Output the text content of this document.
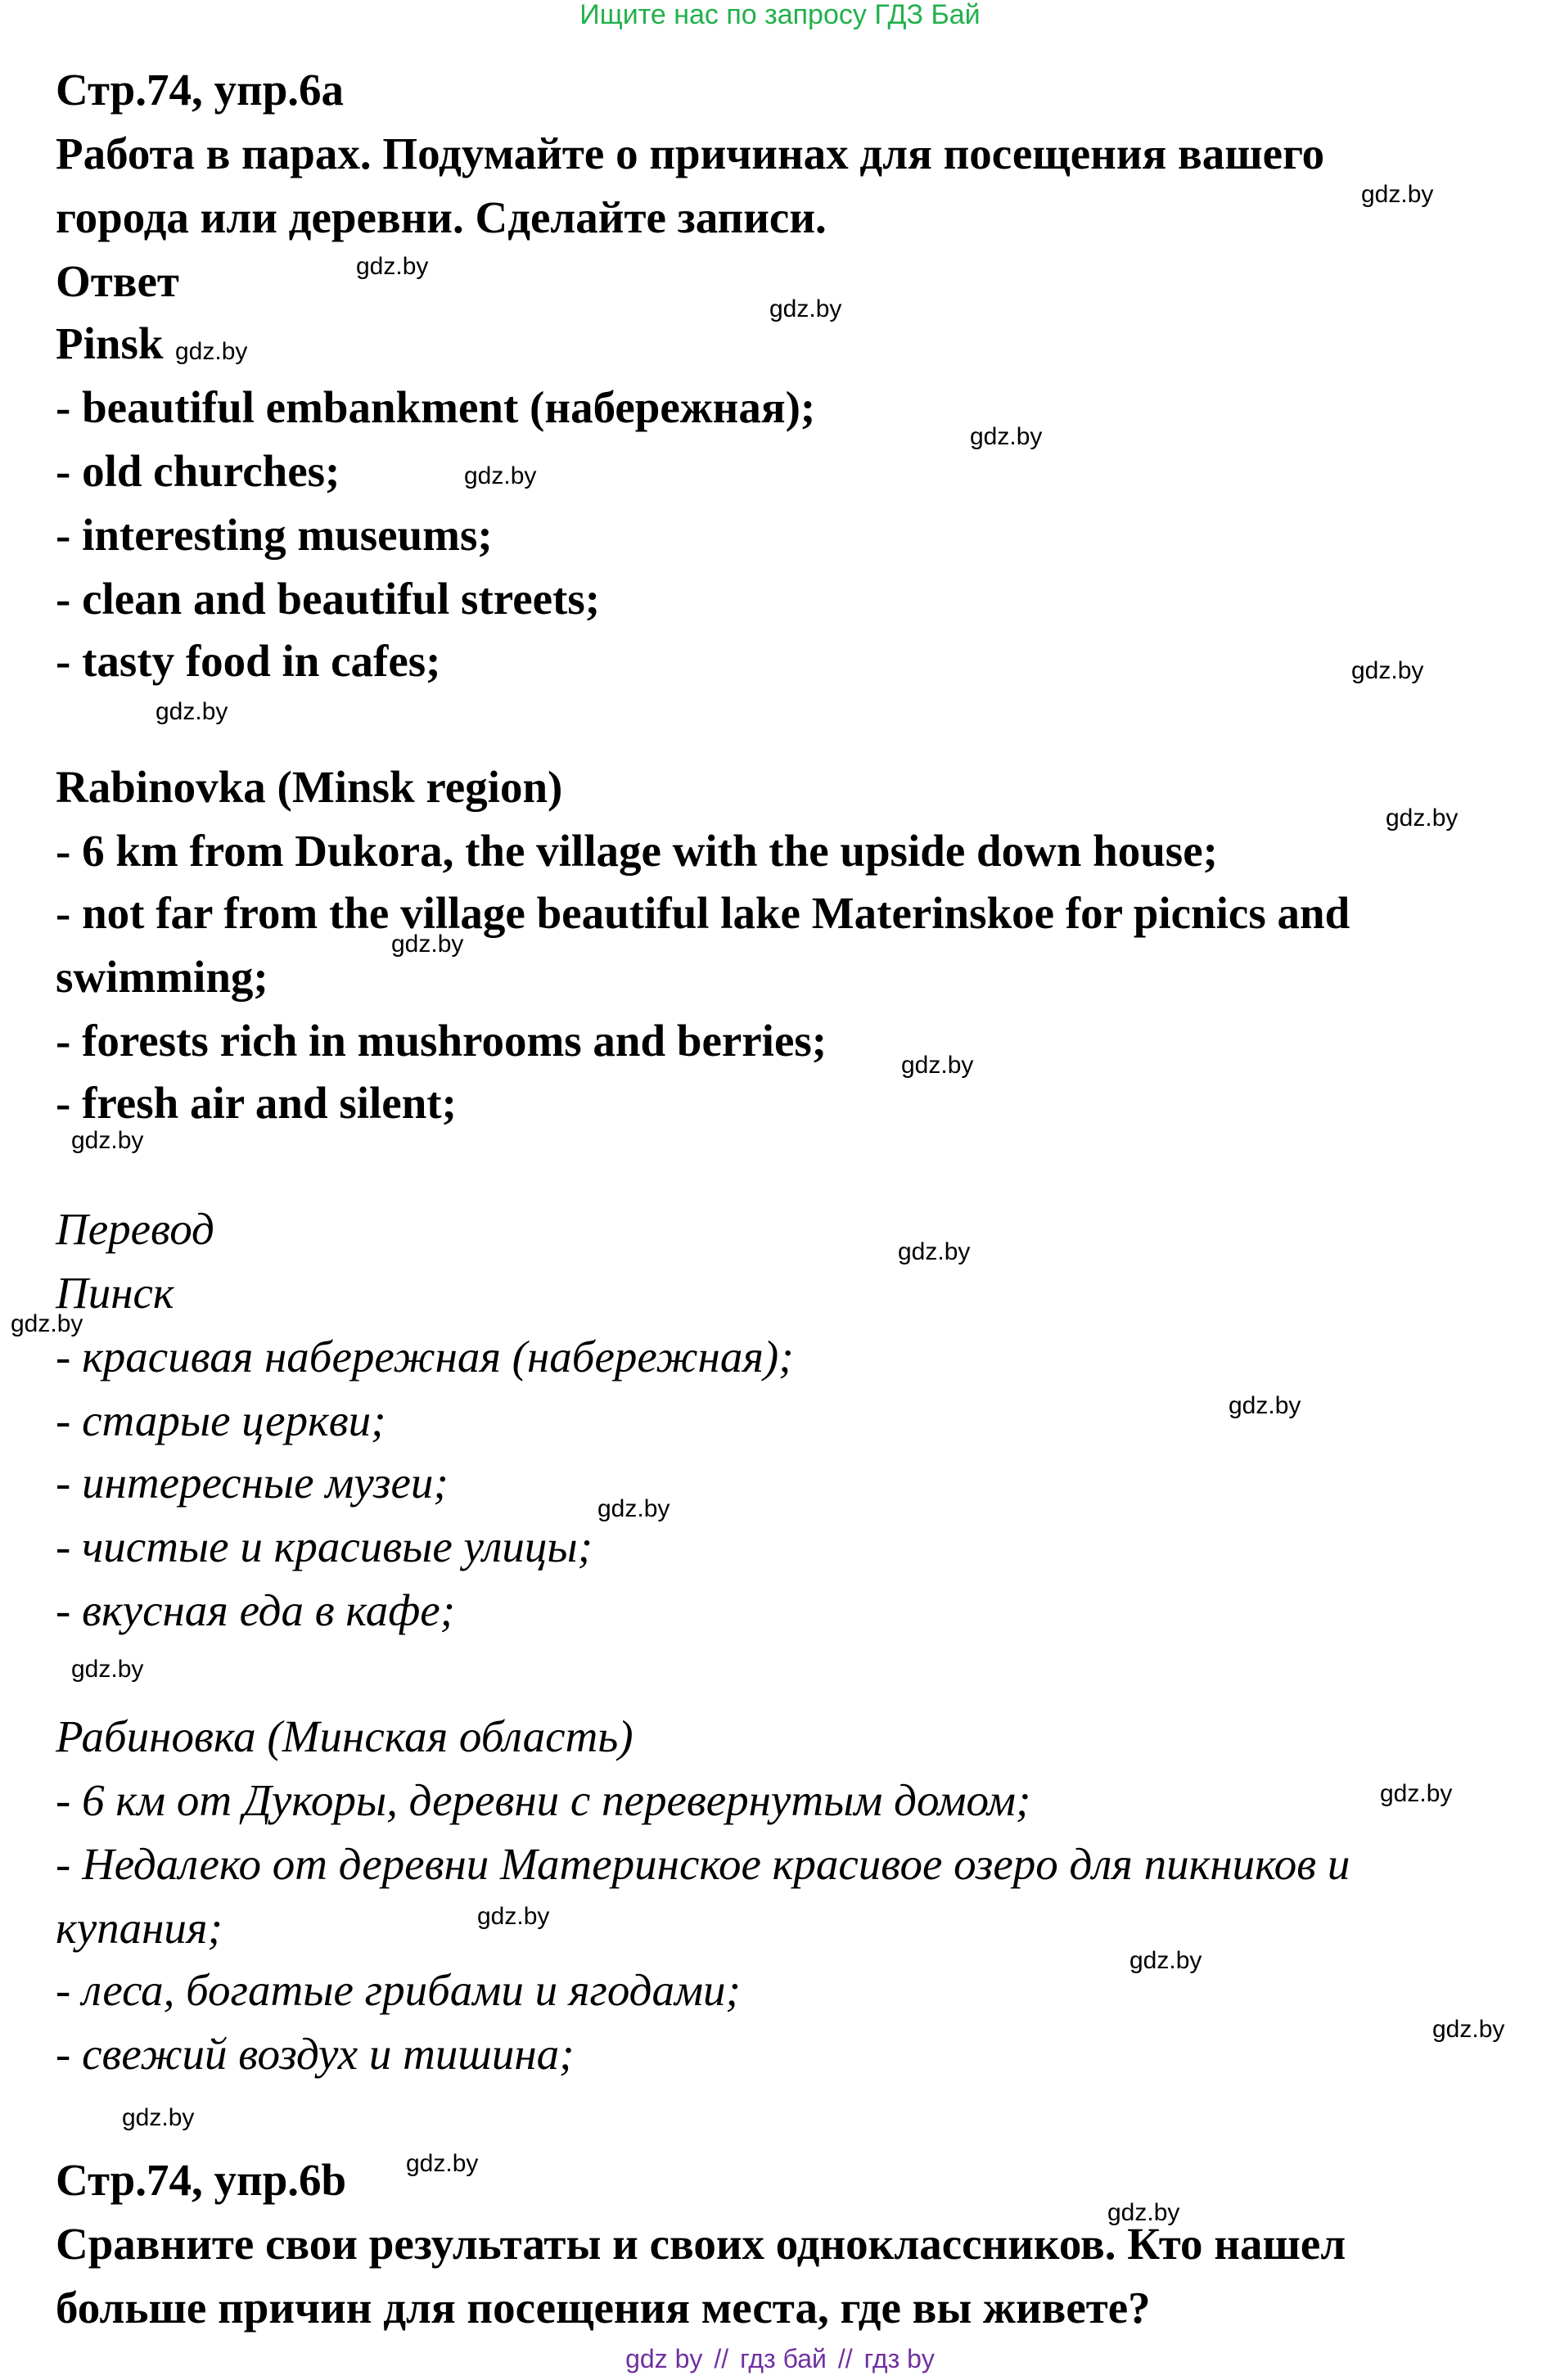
Ищите нас по запросу ГДЗ Бай
Стр.74, упр.6а
Работа в парах. Подумайте о причинах для посещения вашего
города или деревни. Сделайте записи.
Ответ
Pinsk
- beautiful embankment (набережная);
- old churches;
- interesting museums;
- clean and beautiful streets;
- tasty food in cafes;
Rabinovka (Minsk region)
- 6 km from Dukora, the village with the upside down house;
- not far from the village beautiful lake Materinskoe for picnics and
swimming;
- forests rich in mushrooms and berries;
- fresh air and silent;
Перевод
Пинск
- красивая набережная (набережная);
- старые церкви;
- интересные музеи;
- чистые и красивые улицы;
- вкусная еда в кафе;
Рабиновка (Минская область)
- 6 км от Дукоры, деревни с перевернутым домом;
- Недалеко от деревни Материнское красивое озеро для пикников и
купания;
- леса, богатые грибами и ягодами;
- свежий воздух и тишина;
Стр.74, упр.6b
Сравните свои результаты и своих одноклассников. Кто нашел
больше причин для посещения места, где вы живете?
gdz.by
gdz.by
gdz.by
gdz.by
gdz.by
gdz.by
gdz.by
gdz.by
gdz.by
gdz.by
gdz.by
gdz.by
gdz.by
gdz.by
gdz.by
gdz.by
gdz.by
gdz.by
gdz.by
gdz.by
gdz.by
gdz.by
gdz.by
gdz.by
gdz by // гдз бай // гдз by
